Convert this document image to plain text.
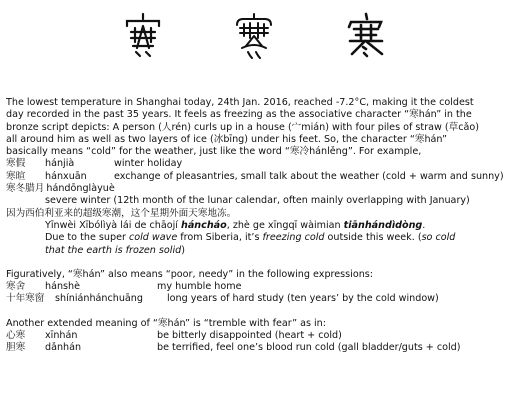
The lowest temperature in Shanghai today, 24th Jan. 2016, reached -7.2°C, making it the coldest

day recorded in the past 35 years. It feels as freezing as the associative character “寒hán” in the

bronze script depicts: A person (人rén) curls up in a house (宀mián) with four piles of straw (草cǎo)

all around him as well as two layers of ice (冰bīng) under his feet. So, the character “寒hán”

basically means “cold” for the weather, just like the word “寒冷hánlěng”. For example,

寒假	hánjià	winter holiday
寒暄	hánxuān	exchange of pleasantries, small talk about the weather (cold + warm and sunny)
寒冬腊月 hándōnglàyuè

severe winter (12th month of the lunar calendar, often mainly overlapping with January)

因为西伯利亚来的超级寒潮，这个星期外面天寒地冻。

Yīnwèi Xībólìyà lái de chāojí háncháo, zhè ge xīngqī wàimian tiānhándìdòng.

Due to the super cold wave from Siberia, it’s freezing cold outside this week. (so cold

that the earth is frozen solid)

Figuratively, “寒hán” also means “poor, needy” in the following expressions:

寒舍	hánshè	my humble home
十年寒窗	shíniánhánchuāng	long years of hard study (ten years’ by the cold window)

Another extended meaning of “寒hán” is “tremble with fear” as in:

心寒	xīnhán	be bitterly disappointed (heart + cold)
胆寒	dǎnhán	be terrified, feel one’s blood run cold (gall bladder/guts + cold)
